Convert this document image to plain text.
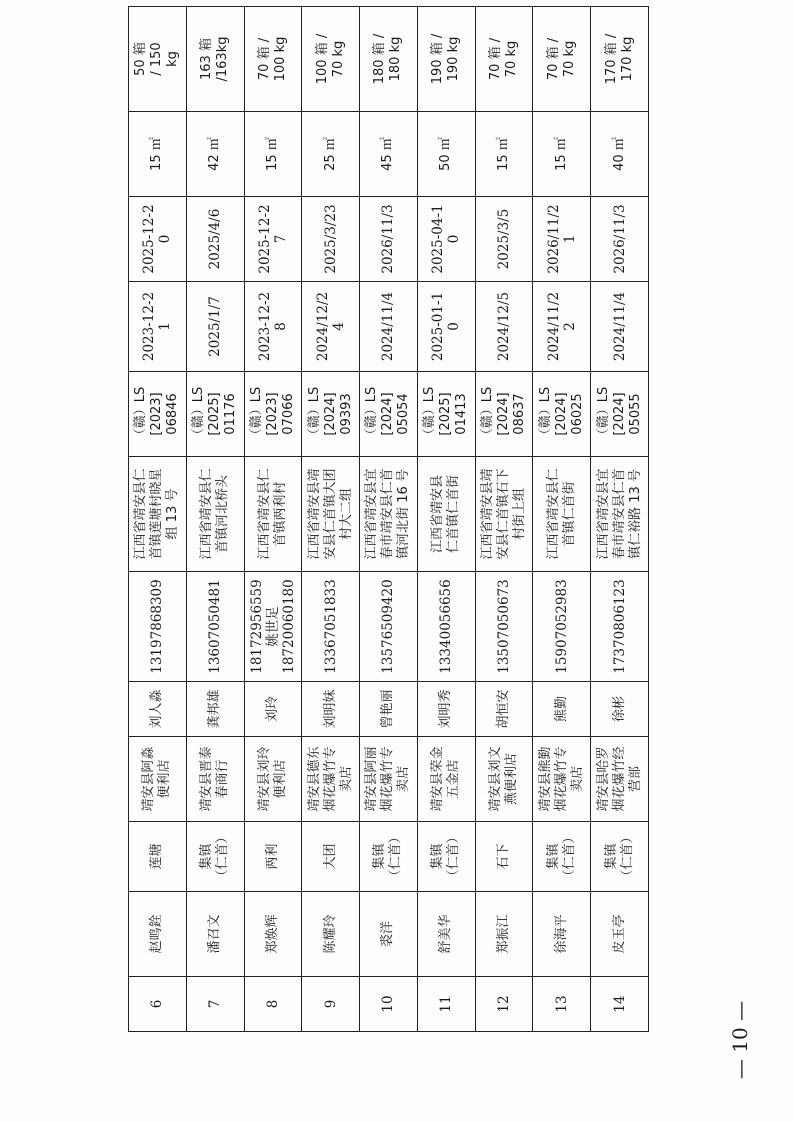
6	赵鸣銓	莲塘	靖安县阿淼 便利店	刘人淼	13197868309	江西省靖安县仁 首镇莲塘村晓星 组 13 号	（赣）LS [2023] 06846	2023-12-2 1	2025-12-2 0	15 ㎡	50 箱 / 150 kg

7	潘召文	集镇 （仁首）	靖安县晋泰 春商行	龚邦雄	13607050481	江西省靖安县仁 首镇河北桥头	（赣）LS [2025] 01176	2025/1/7	2025/4/6	42 ㎡	163 箱 /163kg

8	郑焕辉	两利	靖安县刘玲 便利店	刘玲	18172956559 姚世足 18720060180	江西省靖安县仁 首镇两利村	（赣）LS [2023] 07066	2023-12-2 8	2025-12-2 7	15 ㎡	70 箱 / 100 kg

9	陈耀玲	大团	靖安县德东 烟花爆竹专 卖店	刘明妹	13367051833	江西省靖安县靖 安县仁首镇大团 村大二组	（赣）LS [2024] 09393	2024/12/2 4	2025/3/23	25 ㎡	100 箱 / 70 kg

10	裘洋	集镇 （仁首）	靖安县阿丽 烟花爆竹专 卖店	曾艳丽	13576509420	江西省靖安县宜 春市靖安县仁首 镇河北街 16 号	（赣）LS [2024] 05054	2024/11/4	2026/11/3	45 ㎡	180 箱 / 180 kg

11	舒美华	集镇 （仁首）	靖安县荣金 五金店	刘明秀	13340056656	江西省靖安县 仁首镇仁首街	（赣）LS [2025] 01413	2025-01-1 0	2025-04-1 0	50 ㎡	190 箱 / 190 kg

12	郑振江	石下	靖安县刘文 燕便利店	胡恒安	13507050673	江西省靖安县靖 安县仁首镇石下 村街上组	（赣）LS [2024] 08637	2024/12/5	2025/3/5	15 ㎡	70 箱 / 70 kg

13	徐海平	集镇 （仁首）	靖安县熊勤 烟花爆竹专 卖店	熊勤	15907052983	江西省靖安县仁 首镇仁首街	（赣）LS [2024] 06025	2024/11/2 2	2026/11/2 1	15 ㎡	70 箱 / 70 kg

14	皮玉亭	集镇 （仁首）	靖安县哈罗 烟花爆竹经 营部	徐彬	17370806123	江西省靖安县宜 春市靖安县仁首 镇仁裕路 13 号	（赣）LS [2024] 05055	2024/11/4	2026/11/3	40 ㎡	170 箱 / 170 kg
— 10 —
